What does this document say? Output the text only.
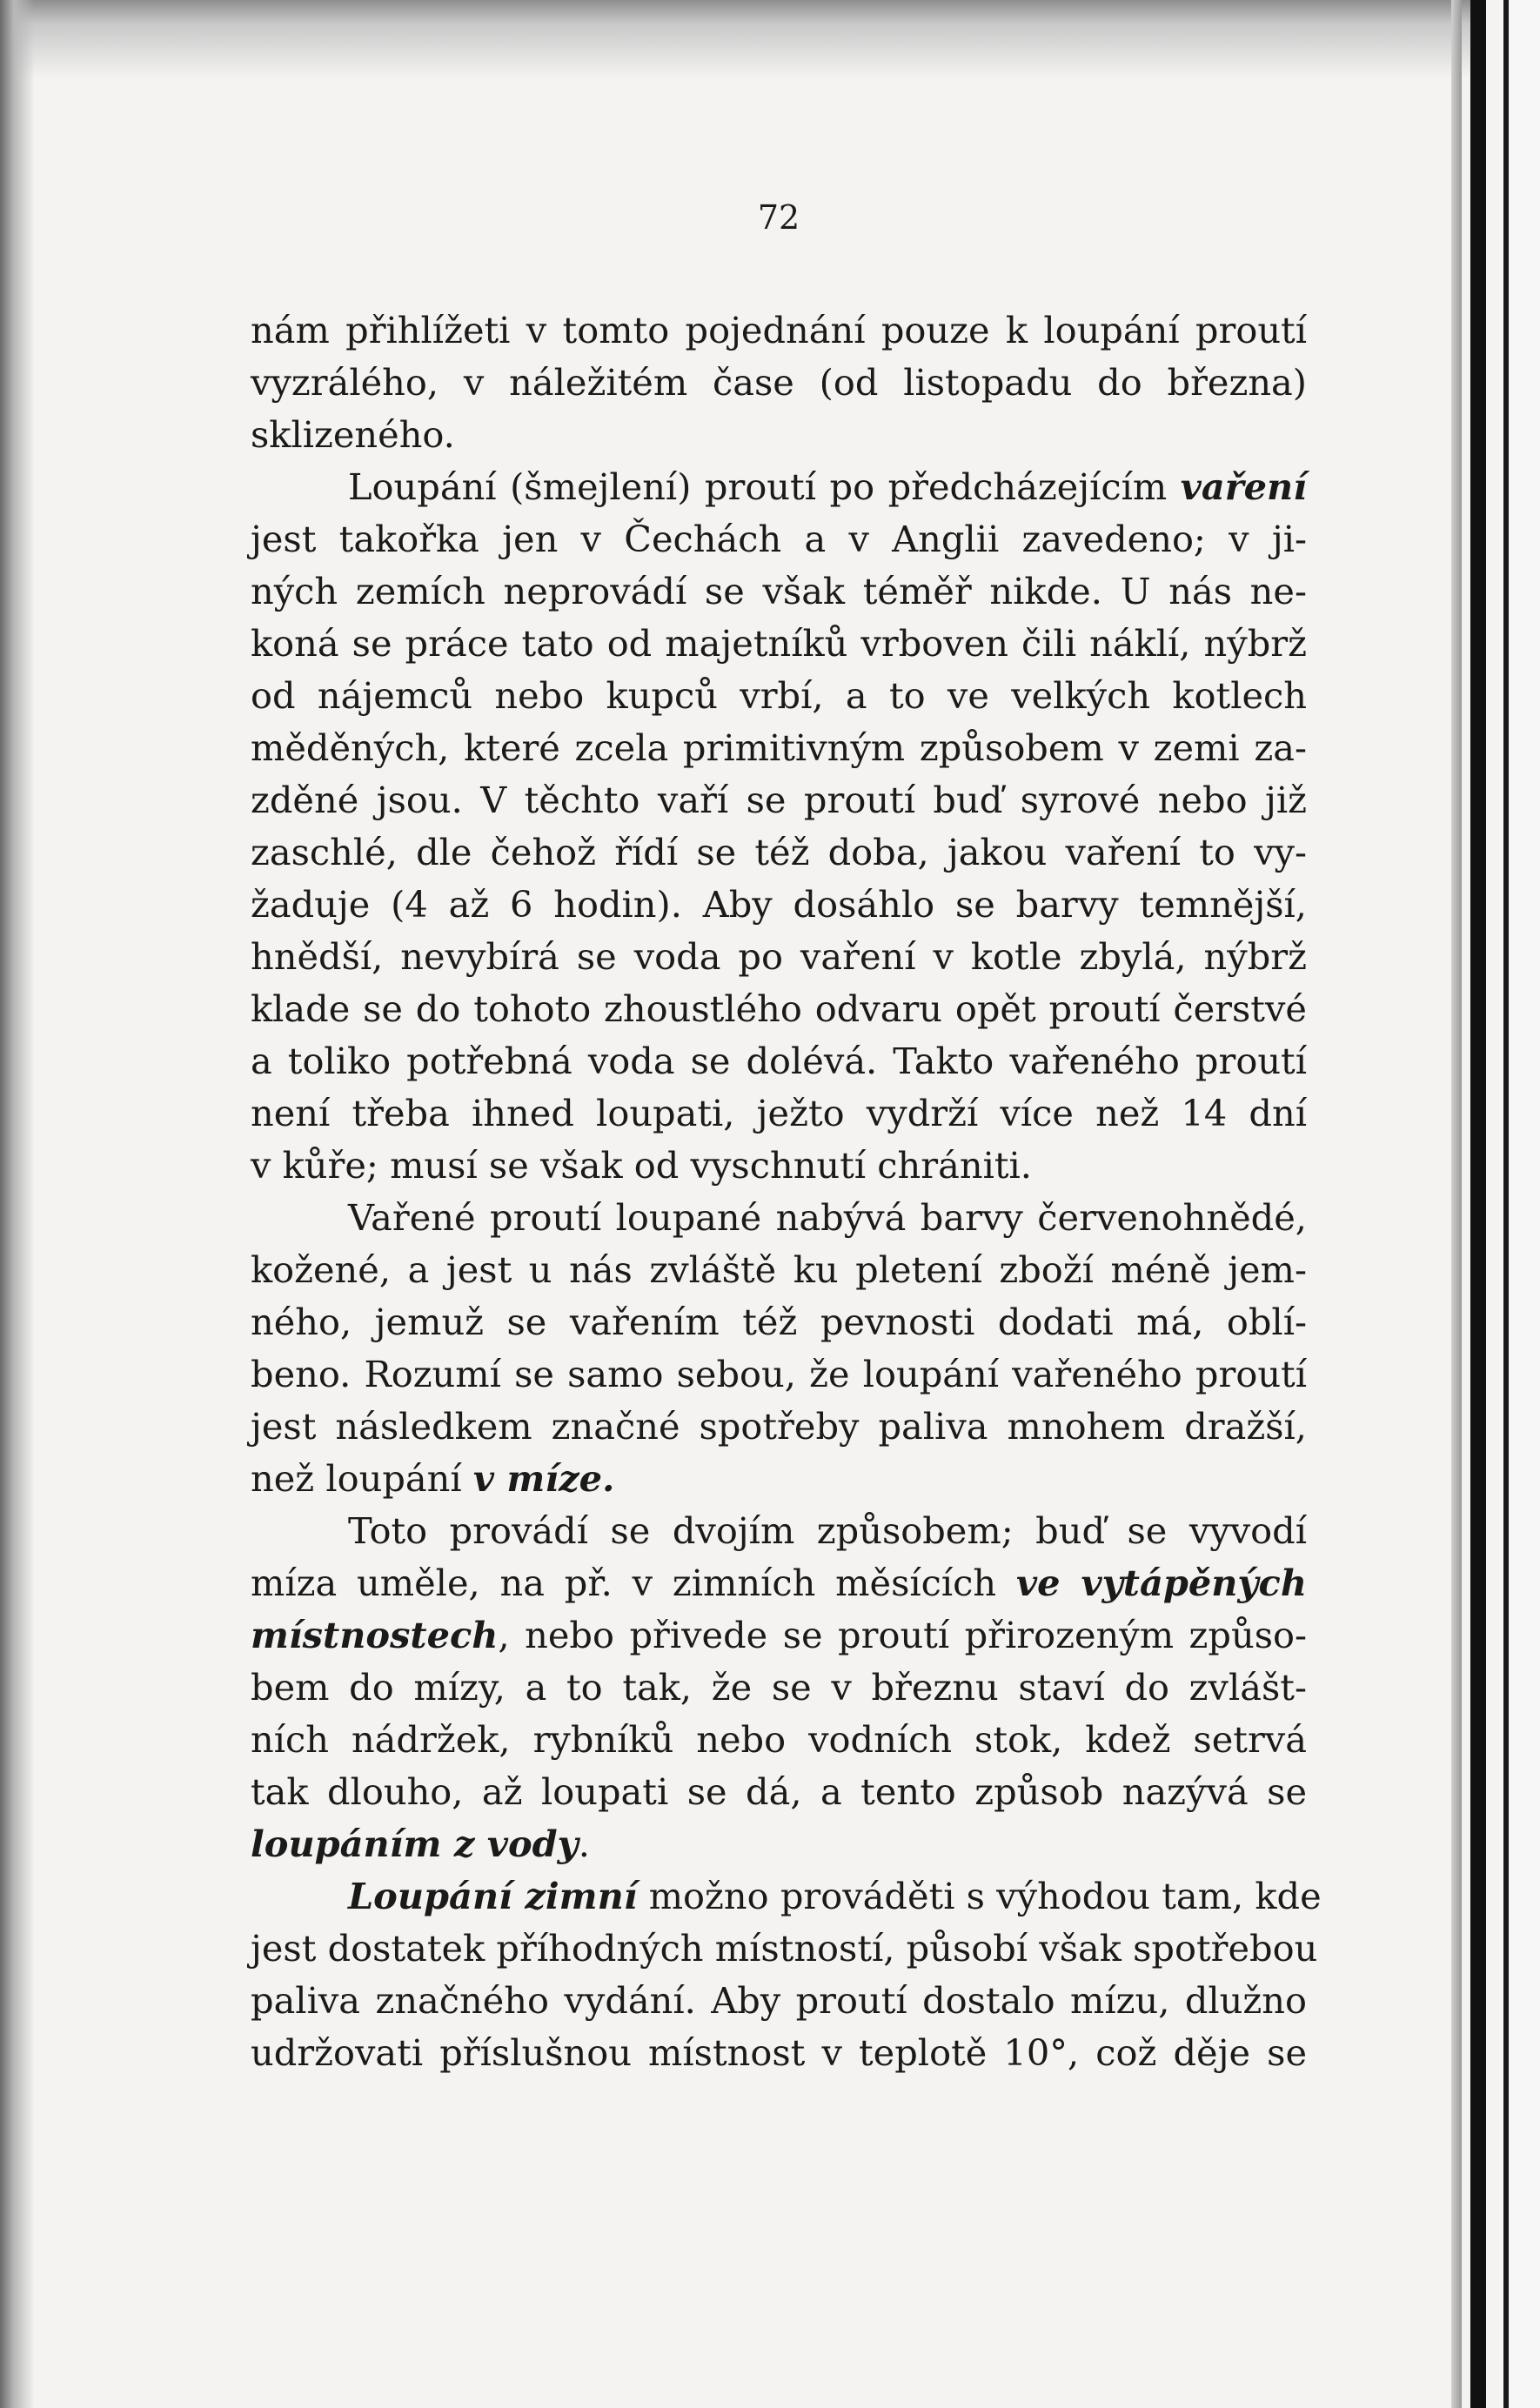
72
nám přihlížeti v tomto pojednání pouze k loupání proutí
vyzrálého, v náležitém čase (od listopadu do března)
sklizeného.
Loupání (šmejlení) proutí po předcházejícím vaření
jest takořka jen v Čechách a v Anglii zavedeno; v ji-
ných zemích neprovádí se však téměř nikde. U nás ne-
koná se práce tato od majetníků vrboven čili náklí, nýbrž
od nájemců nebo kupců vrbí, a to ve velkých kotlech
měděných, které zcela primitivným způsobem v zemi za-
zděné jsou. V těchto vaří se proutí buď syrové nebo již
zaschlé, dle čehož řídí se též doba, jakou vaření to vy-
žaduje (4 až 6 hodin). Aby dosáhlo se barvy temnější,
hnědší, nevybírá se voda po vaření v kotle zbylá, nýbrž
klade se do tohoto zhoustlého odvaru opět proutí čerstvé
a toliko potřebná voda se dolévá. Takto vařeného proutí
není třeba ihned loupati, ježto vydrží více než 14 dní
v kůře; musí se však od vyschnutí chrániti.
Vařené proutí loupané nabývá barvy červenohnědé,
kožené, a jest u nás zvláště ku pletení zboží méně jem-
ného, jemuž se vařením též pevnosti dodati má, oblí-
beno. Rozumí se samo sebou, že loupání vařeného proutí
jest následkem značné spotřeby paliva mnohem dražší,
než loupání v míze.
Toto provádí se dvojím způsobem; buď se vyvodí
míza uměle, na př. v zimních měsících ve vytápěných
místnostech, nebo přivede se proutí přirozeným způso-
bem do mízy, a to tak, že se v březnu staví do zvlášt-
ních nádržek, rybníků nebo vodních stok, kdež setrvá
tak dlouho, až loupati se dá, a tento způsob nazývá se
loupáním z vody.
Loupání zimní možno prováděti s výhodou tam, kde
jest dostatek příhodných místností, působí však spotřebou
paliva značného vydání. Aby proutí dostalo mízu, dlužno
udržovati příslušnou místnost v teplotě 10°, což děje se
